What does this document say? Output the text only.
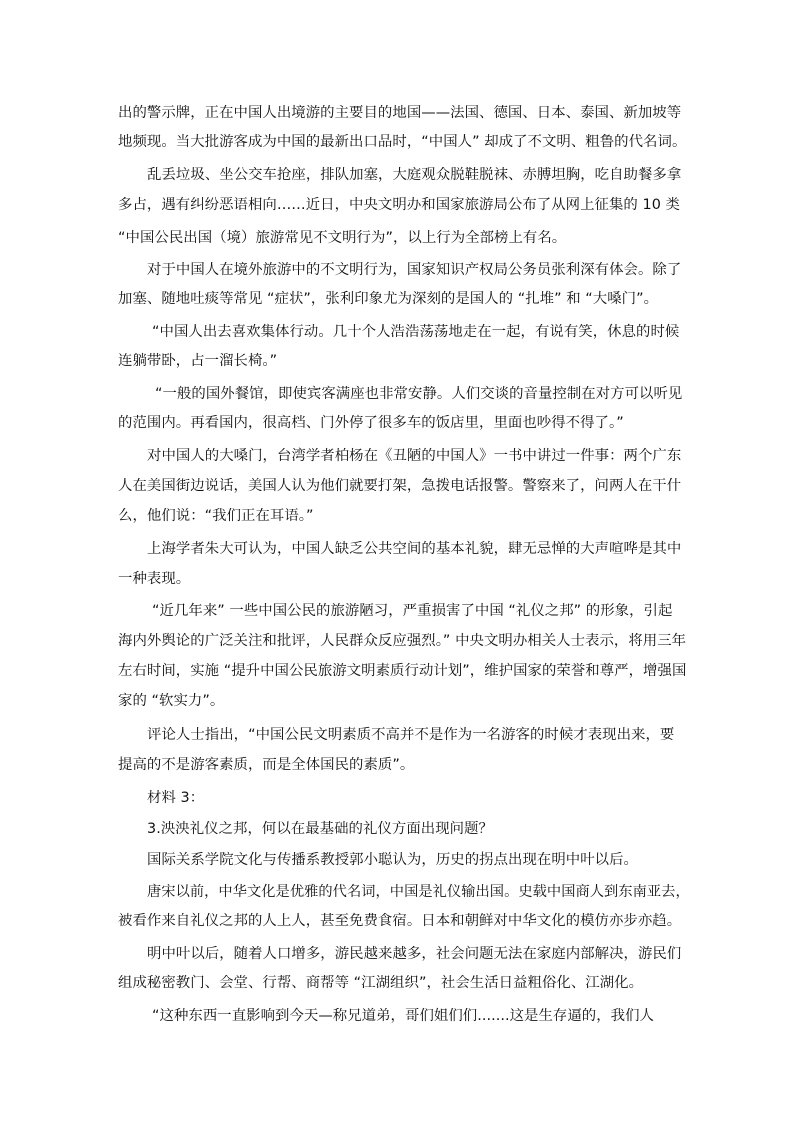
出的警示牌，正在中国人出境游的主要目的地国——法国、德国、日本、泰国、新加坡等
地频现。当大批游客成为中国的最新出口品时，“中国人” 却成了不文明、粗鲁的代名词。
乱丢垃圾、坐公交车抢座，排队加塞，大庭观众脱鞋脱袜、赤膊坦胸，吃自助餐多拿
多占，遇有纠纷恶语相向……近日，中央文明办和国家旅游局公布了从网上征集的 10 类
“中国公民出国（境）旅游常见不文明行为”，以上行为全部榜上有名。
对于中国人在境外旅游中的不文明行为，国家知识产权局公务员张利深有体会。除了
加塞、随地吐痰等常见 “症状”，张利印象尤为深刻的是国人的 “扎堆” 和 “大嗓门”。
“中国人出去喜欢集体行动。几十个人浩浩荡荡地走在一起，有说有笑，休息的时候
连躺带卧，占一溜长椅。”
“一般的国外餐馆，即使宾客满座也非常安静。人们交谈的音量控制在对方可以听见
的范围内。再看国内，很高档、门外停了很多车的饭店里，里面也吵得不得了。”
对中国人的大嗓门，台湾学者柏杨在《丑陋的中国人》一书中讲过一件事：两个广东
人在美国街边说话，美国人认为他们就要打架，急拨电话报警。警察来了，问两人在干什
么，他们说：“我们正在耳语。”
上海学者朱大可认为，中国人缺乏公共空间的基本礼貌，肆无忌惮的大声喧哗是其中
一种表现。
“近几年来” 一些中国公民的旅游陋习，严重损害了中国 “礼仪之邦” 的形象，引起
海内外舆论的广泛关注和批评，人民群众反应强烈。” 中央文明办相关人士表示，将用三年
左右时间，实施 “提升中国公民旅游文明素质行动计划”，维护国家的荣誉和尊严，增强国
家的 “软实力”。
评论人士指出，“中国公民文明素质不高并不是作为一名游客的时候才表现出来，要
提高的不是游客素质，而是全体国民的素质”。
材料 3：
3.泱泱礼仪之邦，何以在最基础的礼仪方面出现问题？
国际关系学院文化与传播系教授郭小聪认为，历史的拐点出现在明中叶以后。
唐宋以前，中华文化是优雅的代名词，中国是礼仪输出国。史载中国商人到东南亚去，
被看作来自礼仪之邦的人上人，甚至免费食宿。日本和朝鲜对中华文化的模仿亦步亦趋。
明中叶以后，随着人口增多，游民越来越多，社会问题无法在家庭内部解决，游民们
组成秘密教门、会堂、行帮、商帮等 “江湖组织”，社会生活日益粗俗化、江湖化。
“这种东西一直影响到今天—称兄道弟，哥们姐们们.......这是生存逼的，我们人
